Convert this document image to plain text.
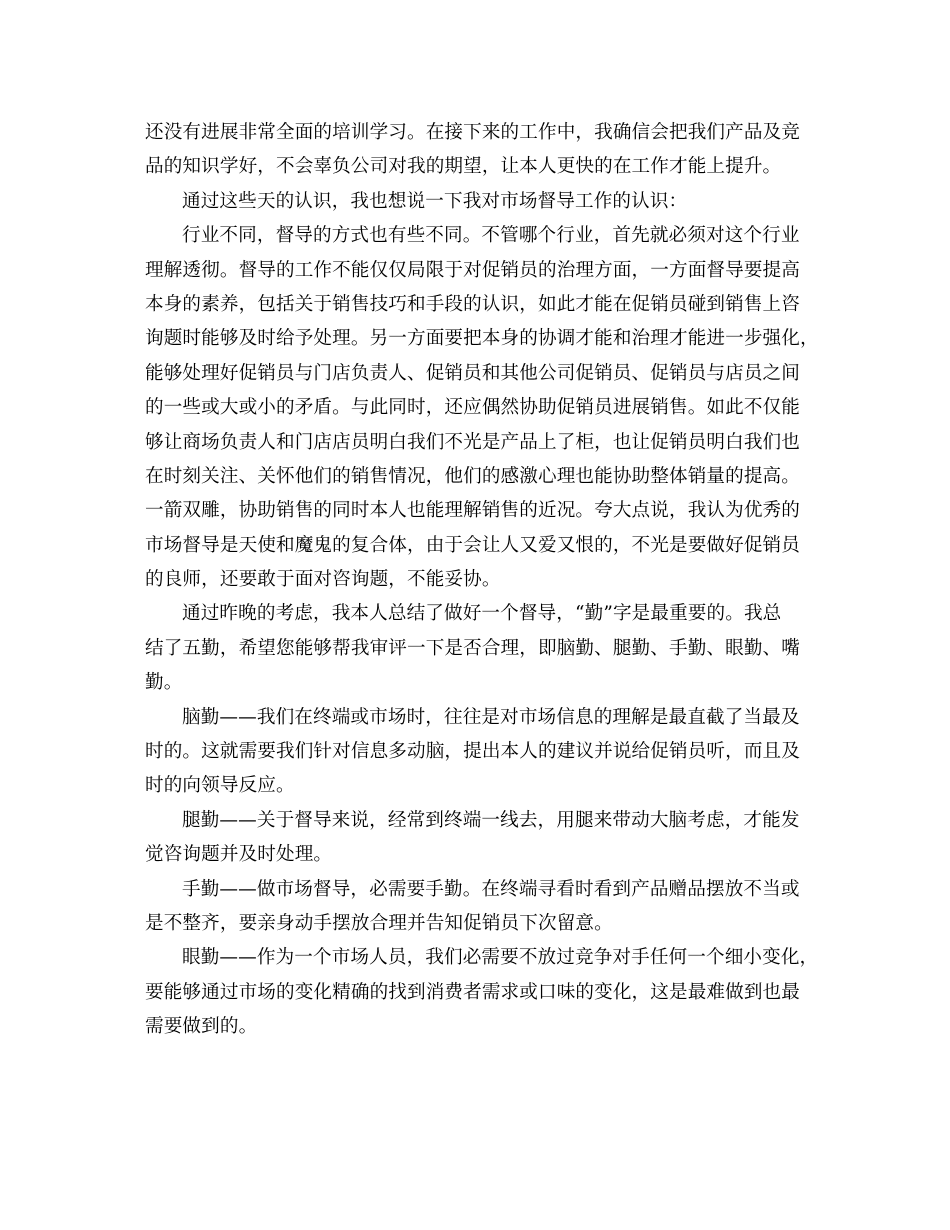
还没有进展非常全面的培训学习。在接下来的工作中，我确信会把我们产品及竞

品的知识学好，不会辜负公司对我的期望，让本人更快的在工作才能上提升。

通过这些天的认识，我也想说一下我对市场督导工作的认识：

行业不同，督导的方式也有些不同。不管哪个行业，首先就必须对这个行业

理解透彻。督导的工作不能仅仅局限于对促销员的治理方面，一方面督导要提高

本身的素养，包括关于销售技巧和手段的认识，如此才能在促销员碰到销售上咨

询题时能够及时给予处理。另一方面要把本身的协调才能和治理才能进一步强化，

能够处理好促销员与门店负责人、促销员和其他公司促销员、促销员与店员之间

的一些或大或小的矛盾。与此同时，还应偶然协助促销员进展销售。如此不仅能

够让商场负责人和门店店员明白我们不光是产品上了柜，也让促销员明白我们也

在时刻关注、关怀他们的销售情况，他们的感激心理也能协助整体销量的提高。

一箭双雕，协助销售的同时本人也能理解销售的近况。夸大点说，我认为优秀的

市场督导是天使和魔鬼的复合体，由于会让人又爱又恨的，不光是要做好促销员

的良师，还要敢于面对咨询题，不能妥协。

通过昨晚的考虑，我本人总结了做好一个督导，“勤”字是最重要的。我总

结了五勤，希望您能够帮我审评一下是否合理，即脑勤、腿勤、手勤、眼勤、嘴

勤。

脑勤——我们在终端或市场时，往往是对市场信息的理解是最直截了当最及

时的。这就需要我们针对信息多动脑，提出本人的建议并说给促销员听，而且及

时的向领导反应。

腿勤——关于督导来说，经常到终端一线去，用腿来带动大脑考虑，才能发

觉咨询题并及时处理。

手勤——做市场督导，必需要手勤。在终端寻看时看到产品赠品摆放不当或

是不整齐，要亲身动手摆放合理并告知促销员下次留意。

眼勤——作为一个市场人员，我们必需要不放过竞争对手任何一个细小变化，

要能够通过市场的变化精确的找到消费者需求或口味的变化，这是最难做到也最

需要做到的。
